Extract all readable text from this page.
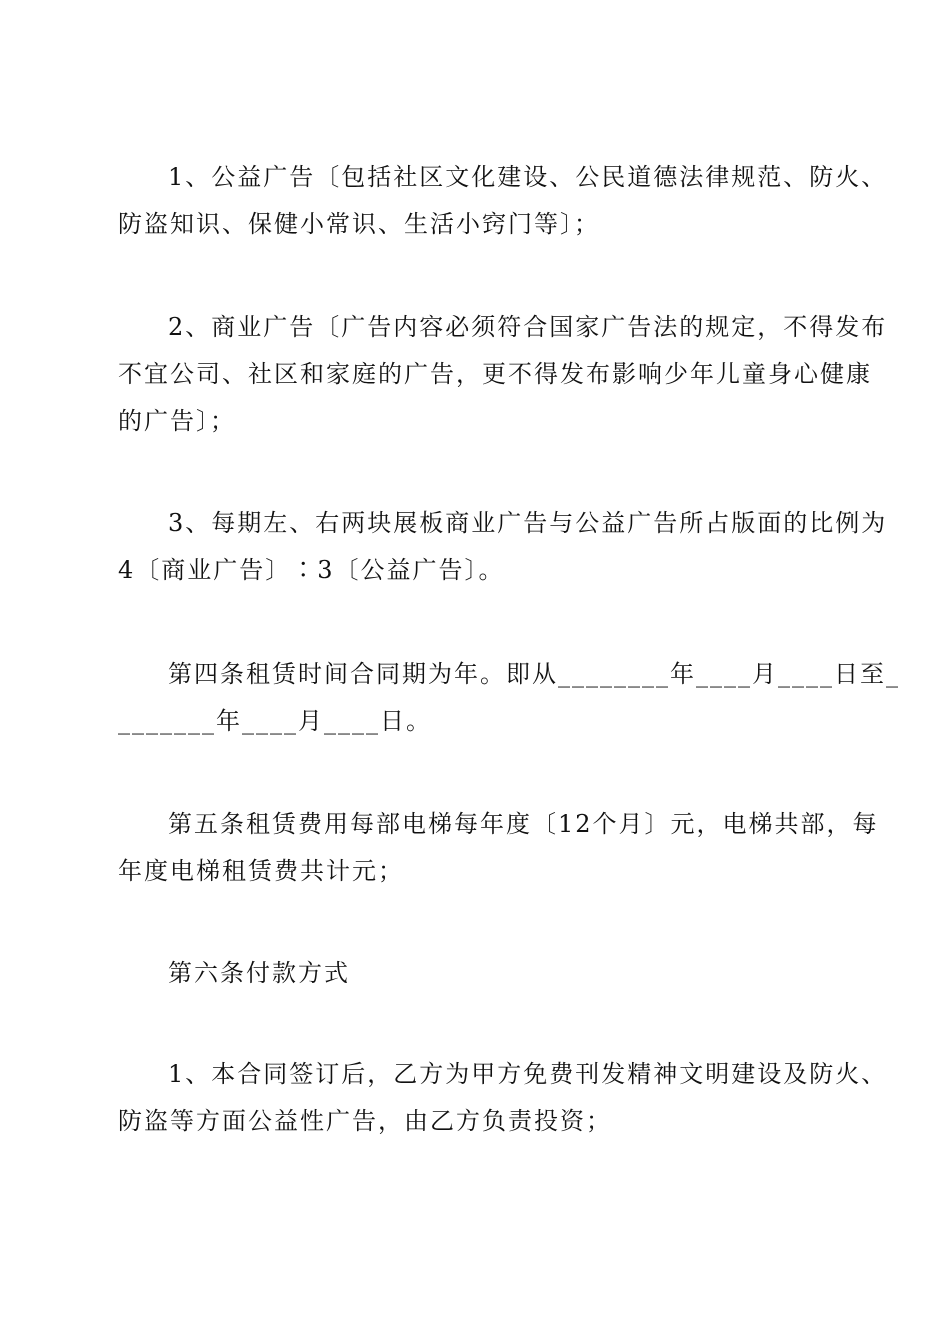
1、公益广告〔包括社区文化建设、公民道德法律规范、防火、
防盗知识、保健小常识、生活小窍门等〕；

2、商业广告〔广告内容必须符合国家广告法的规定，不得发布
不宜公司、社区和家庭的广告，更不得发布影响少年儿童身心健康
的广告〕；

3、每期左、右两块展板商业广告与公益广告所占版面的比例为
4〔商业广告〕∶3〔公益广告〕。

第四条租赁时间合同期为年。即从________年____月____日至_
_______年____月____日。

第五条租赁费用每部电梯每年度〔12个月〕元，电梯共部，每
年度电梯租赁费共计元；

第六条付款方式

1、本合同签订后，乙方为甲方免费刊发精神文明建设及防火、
防盗等方面公益性广告，由乙方负责投资；
